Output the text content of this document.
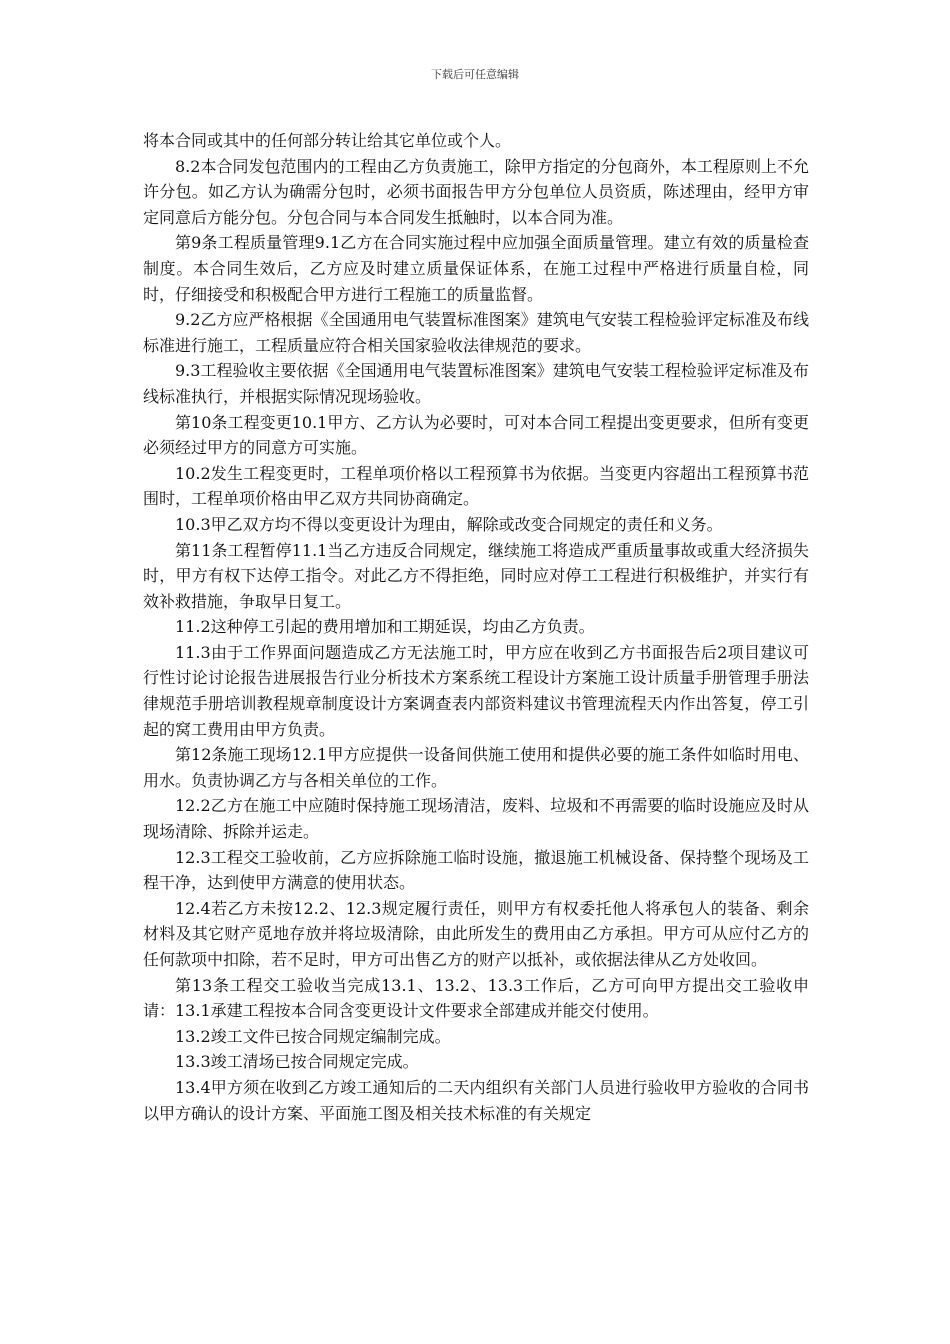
下载后可任意编辑

将本合同或其中的任何部分转让给其它单位或个人。

8.2本合同发包范围内的工程由乙方负责施工，除甲方指定的分包商外，本工程原则上不允许分包。如乙方认为确需分包时，必须书面报告甲方分包单位人员资质，陈述理由，经甲方审定同意后方能分包。分包合同与本合同发生抵触时，以本合同为准。

第9条工程质量管理9.1乙方在合同实施过程中应加强全面质量管理。建立有效的质量检查制度。本合同生效后，乙方应及时建立质量保证体系，在施工过程中严格进行质量自检，同时，仔细接受和积极配合甲方进行工程施工的质量监督。

9.2乙方应严格根据《全国通用电气装置标准图案》建筑电气安装工程检验评定标准及布线标准进行施工，工程质量应符合相关国家验收法律规范的要求。

9.3工程验收主要依据《全国通用电气装置标准图案》建筑电气安装工程检验评定标准及布线标准执行，并根据实际情况现场验收。

第10条工程变更10.1甲方、乙方认为必要时，可对本合同工程提出变更要求，但所有变更必须经过甲方的同意方可实施。

10.2发生工程变更时，工程单项价格以工程预算书为依据。当变更内容超出工程预算书范围时，工程单项价格由甲乙双方共同协商确定。

10.3甲乙双方均不得以变更设计为理由，解除或改变合同规定的责任和义务。

第11条工程暂停11.1当乙方违反合同规定，继续施工将造成严重质量事故或重大经济损失时，甲方有权下达停工指令。对此乙方不得拒绝，同时应对停工工程进行积极维护，并实行有效补救措施，争取早日复工。

11.2这种停工引起的费用增加和工期延误，均由乙方负责。

11.3由于工作界面问题造成乙方无法施工时，甲方应在收到乙方书面报告后2项目建议可行性讨论讨论报告进展报告行业分析技术方案系统工程设计方案施工设计质量手册管理手册法律规范手册培训教程规章制度设计方案调查表内部资料建议书管理流程天内作出答复，停工引起的窝工费用由甲方负责。

第12条施工现场12.1甲方应提供一设备间供施工使用和提供必要的施工条件如临时用电、用水。负责协调乙方与各相关单位的工作。

12.2乙方在施工中应随时保持施工现场清洁，废料、垃圾和不再需要的临时设施应及时从现场清除、拆除并运走。

12.3工程交工验收前，乙方应拆除施工临时设施，撤退施工机械设备、保持整个现场及工程干净，达到使甲方满意的使用状态。

12.4若乙方未按12.2、12.3规定履行责任，则甲方有权委托他人将承包人的装备、剩余材料及其它财产觅地存放并将垃圾清除，由此所发生的费用由乙方承担。甲方可从应付乙方的任何款项中扣除，若不足时，甲方可出售乙方的财产以抵补，或依据法律从乙方处收回。

第13条工程交工验收当完成13.1、13.2、13.3工作后，乙方可向甲方提出交工验收申请：13.1承建工程按本合同含变更设计文件要求全部建成并能交付使用。

13.2竣工文件已按合同规定编制完成。

13.3竣工清场已按合同规定完成。

13.4甲方须在收到乙方竣工通知后的二天内组织有关部门人员进行验收甲方验收的合同书以甲方确认的设计方案、平面施工图及相关技术标准的有关规定
